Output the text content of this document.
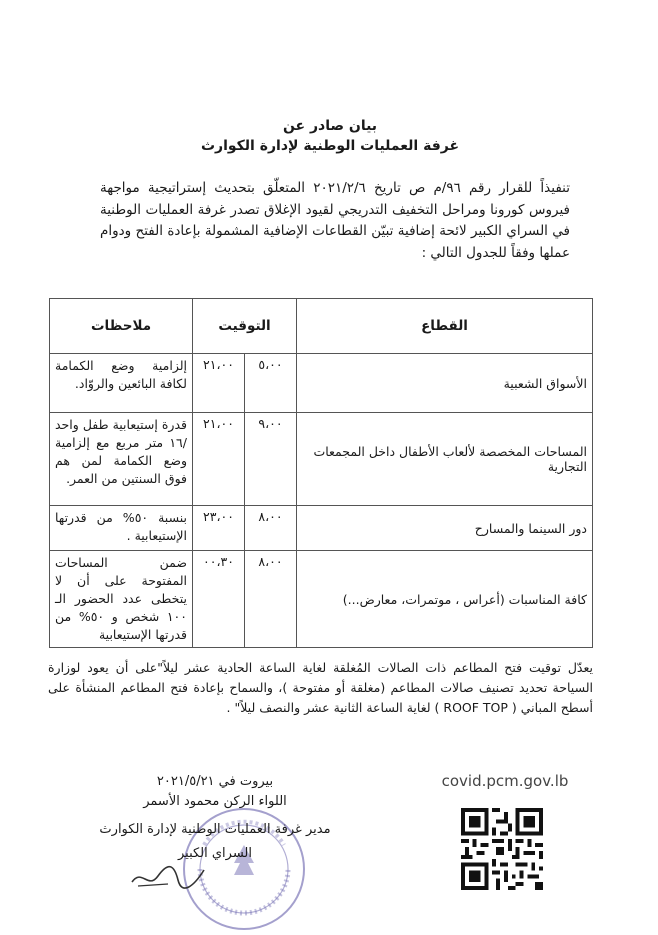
بيان صادر عن
غرفة العمليات الوطنية لإدارة الكوارث
تنفيذاً للقرار رقم ٩٦/م ص تاريخ ٢٠٢١/٢/٦ المتعلّق بتحديث إستراتيجية مواجهة فيروس كورونا ومراحل التخفيف التدريجي لقيود الإغلاق تصدر غرفة العمليات الوطنية في السراي الكبير لائحة إضافية تبيّن القطاعات الإضافية المشمولة بإعادة الفتح ودوام عملها وفقاً للجدول التالي :
القطاع	التوقيت		ملاحظات
الأسواق الشعبية	٥،٠٠	٢١،٠٠	إلزامية وضع الكمامة لكافة البائعين والروّاد.
المساحات المخصصة لألعاب الأطفال داخل المجمعات التجارية	٩،٠٠	٢١،٠٠	قدرة إستيعابية طفل واحد /١٦ متر مربع مع إلزامية وضع الكمامة لمن هم فوق السنتين من العمر.
دور السينما والمسارح	٨،٠٠	٢٣،٠٠	بنسبة ٥٠% من قدرتها الإستيعابية .
كافة المناسبات (أعراس ، موتمرات، معارض...)	٨،٠٠	٠٠،٣٠	ضمن المساحات المفتوحة على أن لا يتخطى عدد الحضور الـ ١٠٠ شخص و ٥٠% من قدرتها الإستيعابية
يعدّل توقيت فتح المطاعم ذات الصالات المُغلقة لغاية الساعة الحادية عشر ليلاً"على أن يعود لوزارة السياحة تحديد تصنيف صالات المطاعم (مغلقة أو مفتوحة )، والسماح بإعادة فتح المطاعم المنشأة على أسطح المباني ( ROOF TOP ) لغاية الساعة الثانية عشر والنصف ليلاً" .
بيروت في ٢٠٢١/٥/٢١
اللواء الركن محمود الأسمر
مدير غرفة العمليات الوطنية لإدارة الكوارث
السراي الكبير
covid.pcm.gov.lb
